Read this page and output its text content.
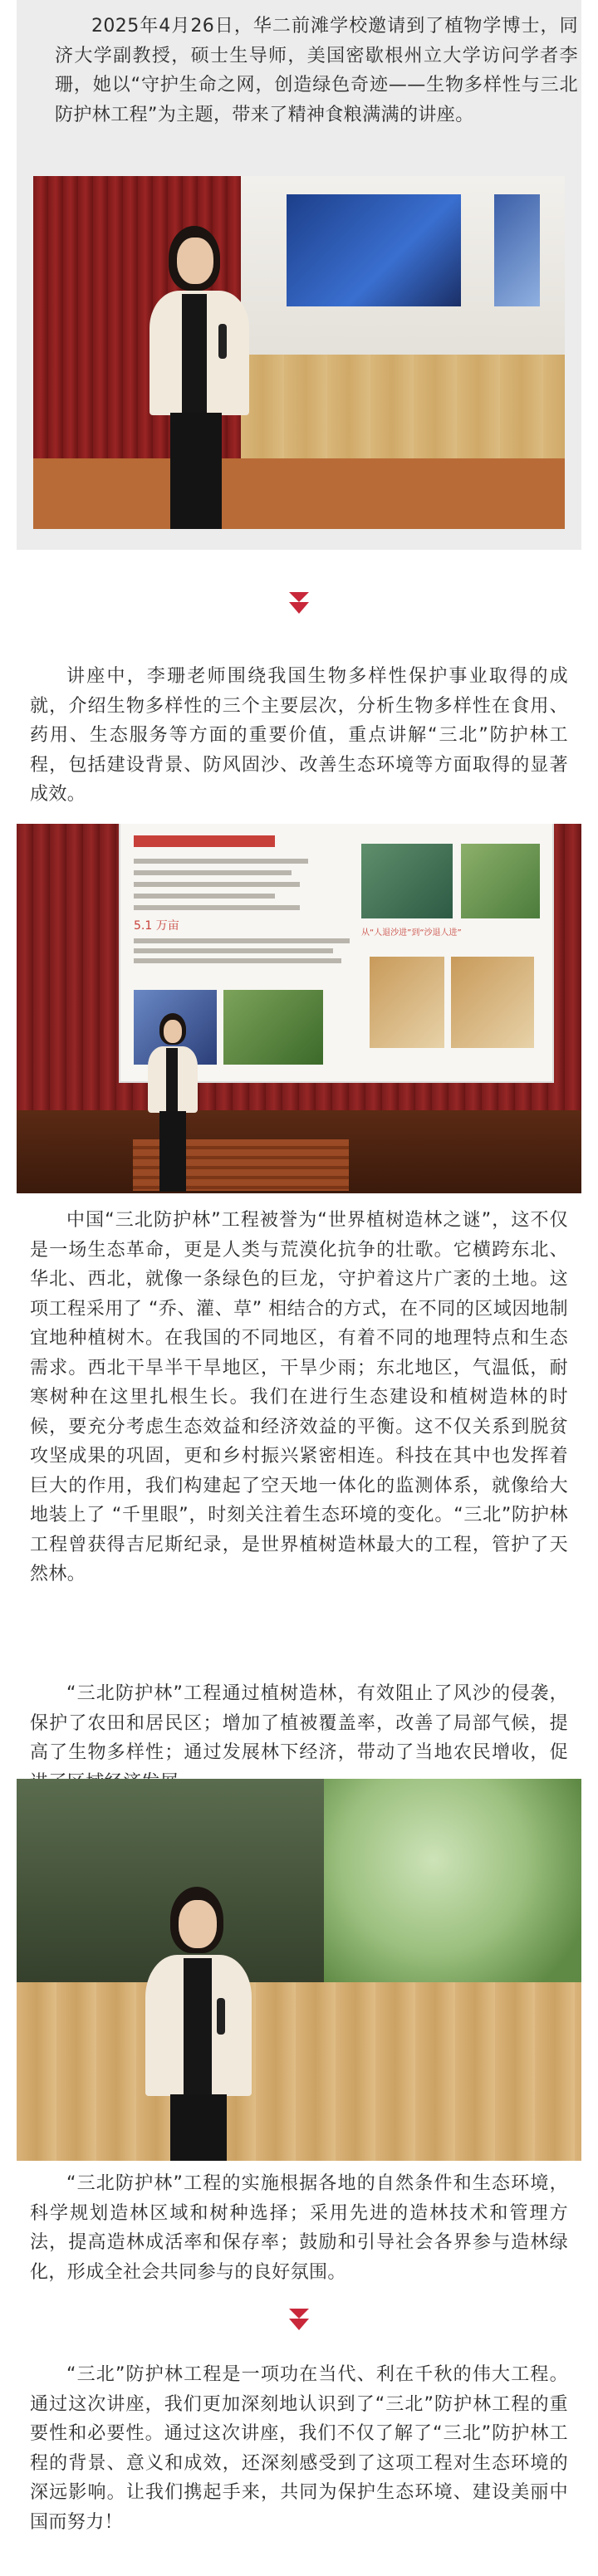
2025年4月26日，华二前滩学校邀请到了植物学博士，同济大学副教授，硕士生导师，美国密歇根州立大学访问学者李珊，她以“守护生命之网，创造绿色奇迹——生物多样性与三北防护林工程”为主题，带来了精神食粮满满的讲座。

讲座中，李珊老师围绕我国生物多样性保护事业取得的成就，介绍生物多样性的三个主要层次，分析生物多样性在食用、药用、生态服务等方面的重要价值，重点讲解“三北”防护林工程，包括建设背景、防风固沙、改善生态环境等方面取得的显著成效。

5.1 万亩
从“人退沙进”到“沙退人进”

中国“三北防护林”工程被誉为“世界植树造林之谜”，这不仅是一场生态革命，更是人类与荒漠化抗争的壮歌。它横跨东北、华北、西北，就像一条绿色的巨龙，守护着这片广袤的土地。这项工程采用了 “乔、灌、草” 相结合的方式，在不同的区域因地制宜地种植树木。在我国的不同地区，有着不同的地理特点和生态需求。西北干旱半干旱地区，干旱少雨；东北地区，气温低，耐寒树种在这里扎根生长。我们在进行生态建设和植树造林的时候，要充分考虑生态效益和经济效益的平衡。这不仅关系到脱贫攻坚成果的巩固，更和乡村振兴紧密相连。科技在其中也发挥着巨大的作用，我们构建起了空天地一体化的监测体系，就像给大地装上了 “千里眼”，时刻关注着生态环境的变化。“三北”防护林工程曾获得吉尼斯纪录，是世界植树造林最大的工程，管护了天然林。

“三北防护林”工程通过植树造林，有效阻止了风沙的侵袭，保护了农田和居民区；增加了植被覆盖率，改善了局部气候，提高了生物多样性；通过发展林下经济，带动了当地农民增收，促

“三北防护林”工程的实施根据各地的自然条件和生态环境，科学规划造林区域和树种选择；采用先进的造林技术和管理方法，提高造林成活率和保存率；鼓励和引导社会各界参与造林绿化，形成全社会共同参与的良好氛围。

“三北”防护林工程是一项功在当代、利在千秋的伟大工程。通过这次讲座，我们更加深刻地认识到了“三北”防护林工程的重要性和必要性。通过这次讲座，我们不仅了解了“三北”防护林工程的背景、意义和成效，还深刻感受到了这项工程对生态环境的深远影响。让我们携起手来，共同为保护生态环境、建设美丽中国而努力！
